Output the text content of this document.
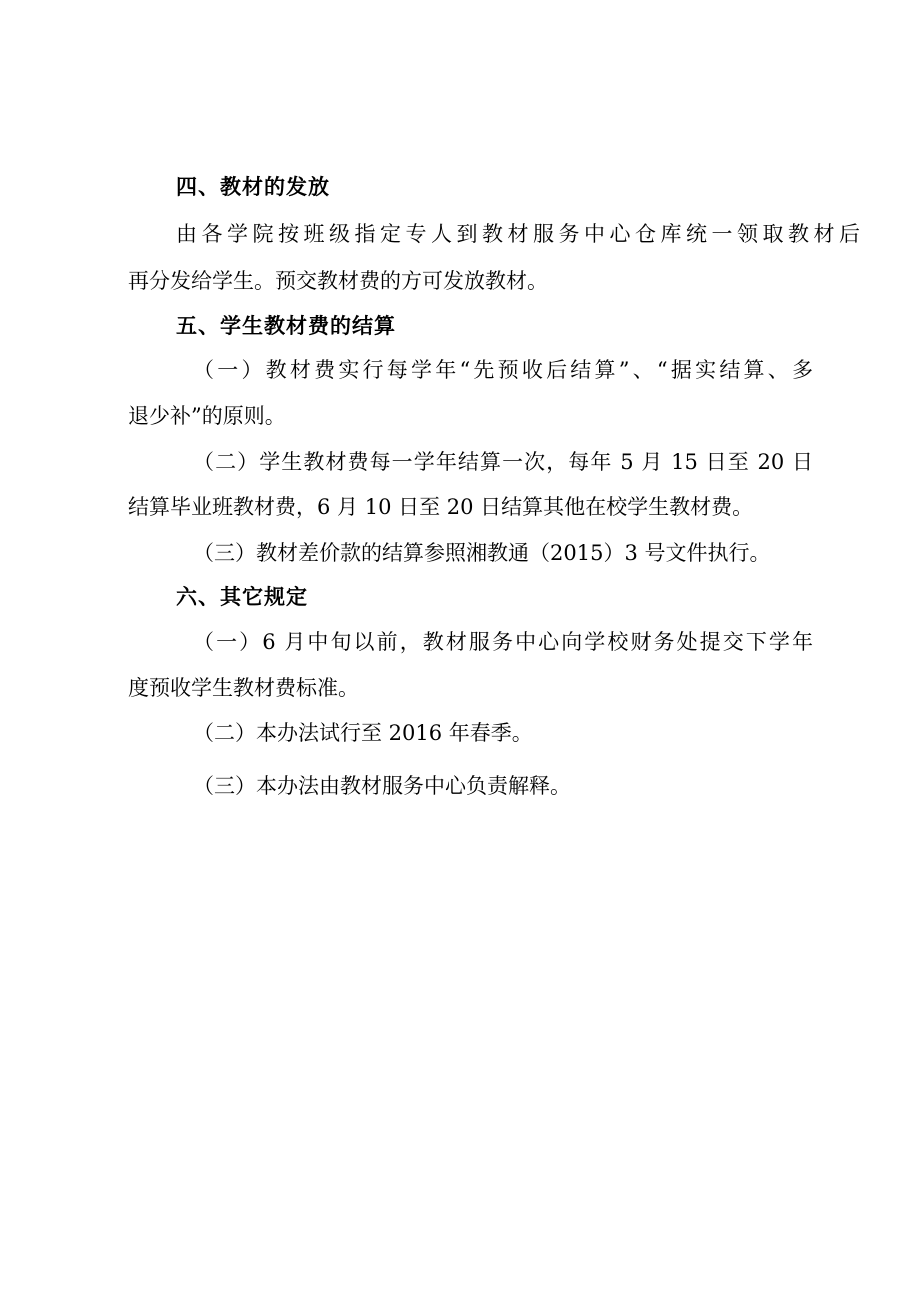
四、教材的发放
由各学院按班级指定专人到教材服务中心仓库统一领取教材后
再分发给学生。预交教材费的方可发放教材。
五、学生教材费的结算
（一）教材费实行每学年“先预收后结算”、“据实结算、多
退少补”的原则。
（二）学生教材费每一学年结算一次，每年 5 月 15 日至 20 日
结算毕业班教材费，6 月 10 日至 20 日结算其他在校学生教材费。
（三）教材差价款的结算参照湘教通（2015）3 号文件执行。
六、其它规定
（一）6 月中旬以前，教材服务中心向学校财务处提交下学年
度预收学生教材费标准。
（二）本办法试行至 2016 年春季。
（三）本办法由教材服务中心负责解释。
